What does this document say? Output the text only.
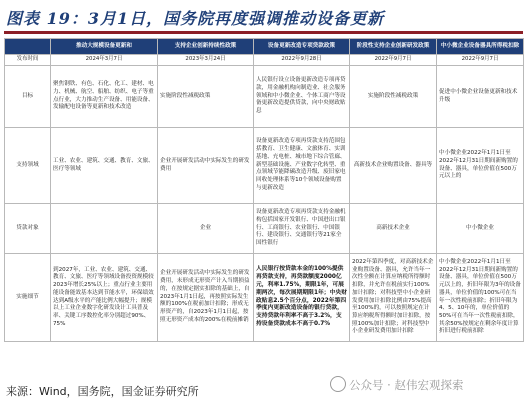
图表 19：3月1日，国务院再度强调推动设备更新
	推动大规模设备更新和	支持企业创新持续性政策	设备更新改造专项贷款政策	阶段性支持企业创新研发政策	中小微企业设备器具所得税扣除
发布时间	2024年3月7日	2023年3月24日	2022年9月28日	2022年9月7日	2022年9月7日
目标	聚焦钢铁、有色、石化、化工、建材、电力、机械、航空、船舶、纺织、电子等重点行业，大力推动生产设备、用能设备、发输配电设备等更新和技术改造	实施阶段性减税政策	人民银行设立设备更新改造专项再贷款，用金融机构向制造业、社会服务领域和中小微企业、个体工商户等设备更新改造提供贷款，向中央财政贴息	实施阶段性减税政策	促进中小微企业设备更新和技术升级
支持领域	工业、农业、建筑、交通、教育、文旅、医疗等领域	企业开展研发活动中实际发生的研发费用	设备更新改造专项再贷款支持范围包括教育、卫生健康、文旅体育、实训基地、充电桩、城市地下综合管廊、新型基础设施、产业数字化转型、重点领域节能降碳改造升级、废旧家电回收处理体系等10个领域设备购置与更新改造	高新技术企业购置设备、器具等	中小微企业2022年1月1日至2022年12月31日期间新购置的设备、器具，单位价值在500万元以上的
贷款对象		企业	设备更新改造专项再贷款支持金融机构包括国家开发银行、中国进出口银行、工商银行、农业银行、中国银行、建设银行、交通银行等21家全国性银行	高新技术企业	中小微企业
实施细节	到2027年，工业、农业、建筑、交通、教育、文旅、医疗等领域设备投资规模较2023年增长25%以上；重点行业主要用能设备能效基本达到节能水平，环保绩效达到A级水平的产能比例大幅提升；规模以上工业企业数字化研发设计工具普及率、关键工序数控化率分别超过90%、75%	企业开展研发活动中实际发生的研发费用，未形成无形资产计入当期损益的，在按规定据实扣除的基础上，自2023年1月1日起，再按照实际发生额的100%在税前加计扣除；形成无形资产的，自2023年1月1日起，按照无形资产成本的200%在税前摊销	人民银行按贷款本金的100%提供再贷款支持，再贷款额度2000亿元，利率1.75%，期限1年，可展期两次，每次展期期限1年；中央财政贴息2.5个百分点，2022年第四季度内更新改造设备的银行贷款，支持贷款年利率不高于3.2%，支持设备贷款成本不高于0.7%	2022年第四季度，对高新技术企业购置设备、器具，允许当年一次性全额在计算应纳税所得额时扣除，并允许在税前实行100%加计扣除；对科技型中小企业研发费用加计扣除比例由75%提高至100%的，可以按照规定在计算应纳税所得额时加计扣除，按照100%加计扣除；对科技型中小企业研发费用加计扣除	中小微企业2022年1月1日至2022年12月31日期间新购置的设备、器具，单位价值在500万元以上的，折旧年限为3年的设备器具，单位价值的100%可在当年一次性税前扣除；折旧年限为4、5、10年的，单位价值的50%可在当年一次性税前扣除，其余50%按规定在剩余年度计算折旧进行税前扣除
来源：Wind，国务院，国金证券研究所	公众号 · 赵伟宏观探索
